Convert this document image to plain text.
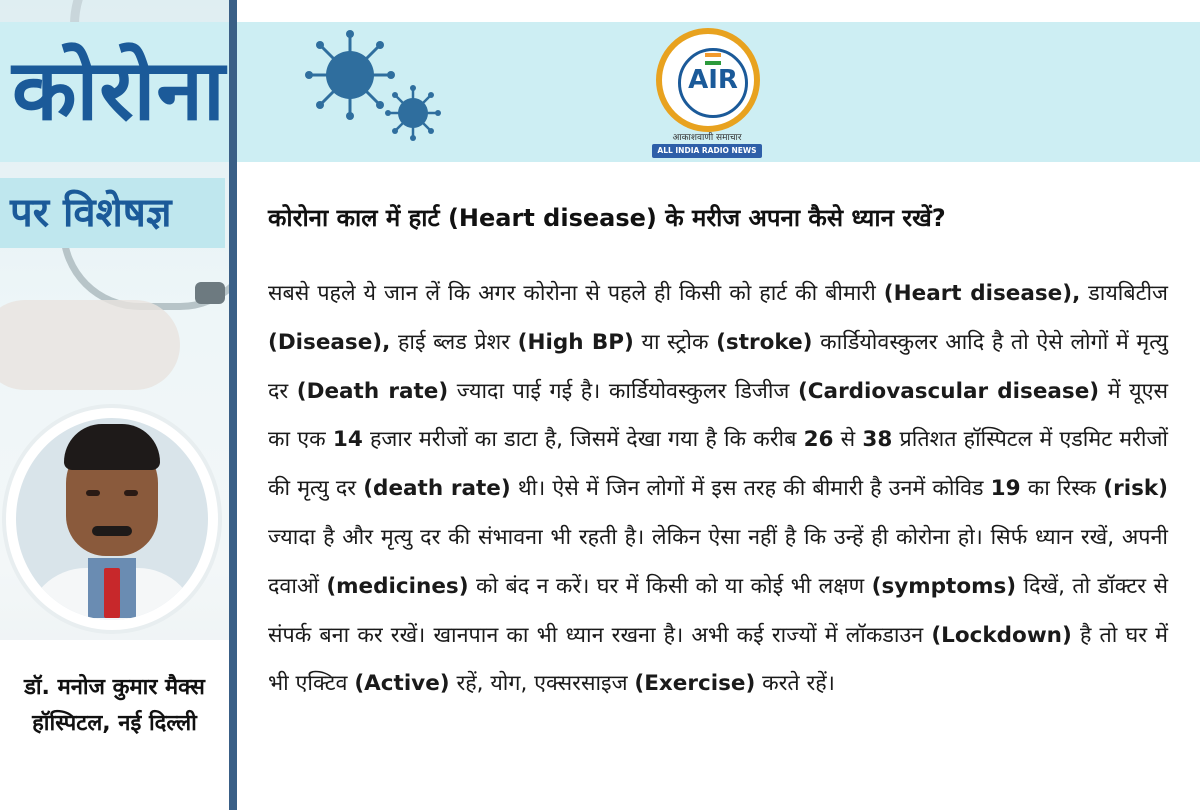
कोरोना
पर विशेषज्ञ
डॉ. मनोज कुमार मैक्स
हॉस्पिटल, नई दिल्ली
AIR
आकाशवाणी समाचार
ALL INDIA RADIO NEWS
कोरोना काल में हार्ट (Heart disease) के मरीज अपना कैसे ध्यान रखें?
सबसे पहले ये जान लें कि अगर कोरोना से पहले ही किसी को हार्ट की बीमारी (Heart disease), डायबिटीज (Disease), हाई ब्लड प्रेशर (High BP) या स्ट्रोक (stroke) कार्डियोवस्कुलर आदि है तो ऐसे लोगों में मृत्यु दर (Death rate) ज्यादा पाई गई है। कार्डियोवस्कुलर डिजीज (Cardiovascular disease) में यूएस का एक 14 हजार मरीजों का डाटा है, जिसमें देखा गया है कि करीब 26 से 38 प्रतिशत हॉस्पिटल में एडमिट मरीजों की मृत्यु दर (death rate) थी। ऐसे में जिन लोगों में इस तरह की बीमारी है उनमें कोविड 19 का रिस्क (risk) ज्यादा है और मृत्यु दर की संभावना भी रहती है। लेकिन ऐसा नहीं है कि उन्हें ही कोरोना हो। सिर्फ ध्यान रखें, अपनी दवाओं (medicines) को बंद न करें। घर में किसी को या कोई भी लक्षण (symptoms) दिखें, तो डॉक्टर से संपर्क बना कर रखें। खानपान का भी ध्यान रखना है। अभी कई राज्यों में लॉकडाउन (Lockdown) है तो घर में भी एक्टिव (Active) रहें, योग, एक्सरसाइज (Exercise) करते रहें।
